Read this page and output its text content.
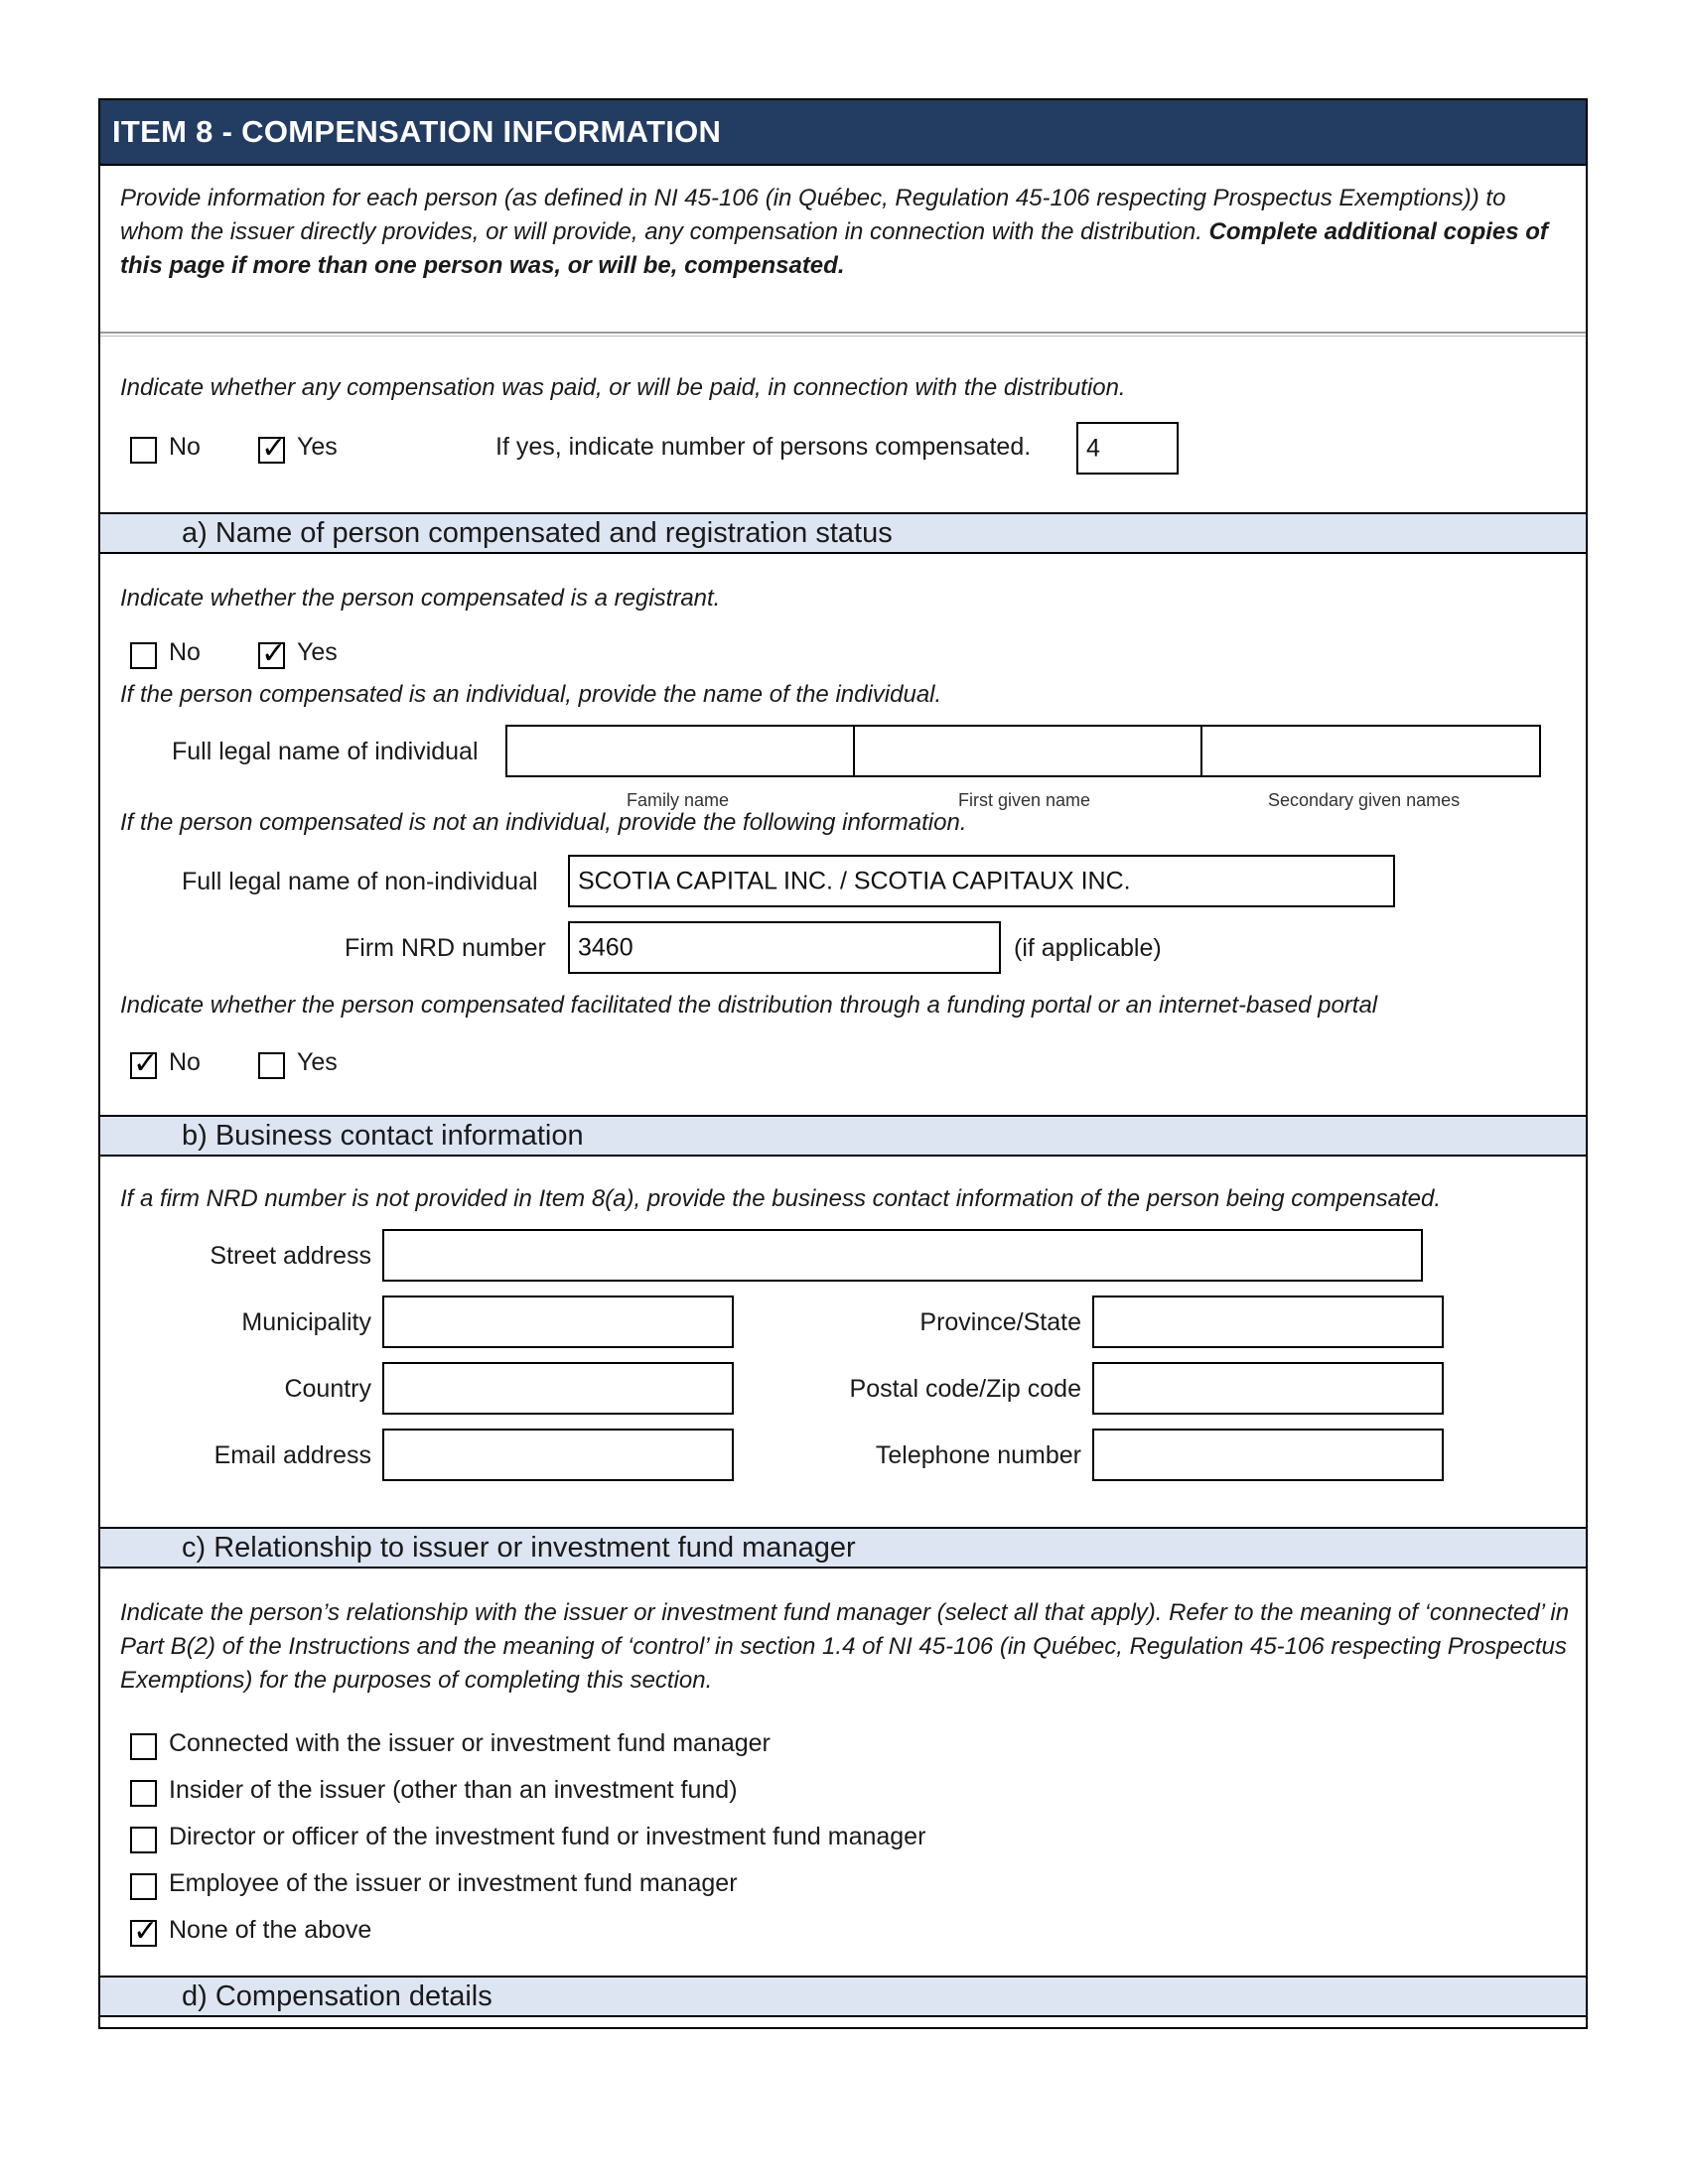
ITEM 8 - COMPENSATION INFORMATION
Provide information for each person (as defined in NI 45-106 (in Québec, Regulation 45-106 respecting Prospectus Exemptions)) to whom the issuer directly provides, or will provide, any compensation in connection with the distribution. Complete additional copies of this page if more than one person was, or will be, compensated.
Indicate whether any compensation was paid, or will be paid, in connection with the distribution.
No ✓ Yes	If yes, indicate number of persons compensated. 4
a) Name of person compensated and registration status
Indicate whether the person compensated is a registrant.
No ✓ Yes
If the person compensated is an individual, provide the name of the individual.
Full legal name of individual
Family name	First given name	Secondary given names
If the person compensated is not an individual, provide the following information.
Full legal name of non-individual SCOTIA CAPITAL INC. / SCOTIA CAPITAUX INC.
Firm NRD number 3460	(if applicable)
Indicate whether the person compensated facilitated the distribution through a funding portal or an internet-based portal
✓ No	Yes
b) Business contact information
If a firm NRD number is not provided in Item 8(a), provide the business contact information of the person being compensated.
Street address
Municipality	Province/State
Country	Postal code/Zip code
Email address	Telephone number
c) Relationship to issuer or investment fund manager
Indicate the person’s relationship with the issuer or investment fund manager (select all that apply). Refer to the meaning of ‘connected’ in Part B(2) of the Instructions and the meaning of ‘control’ in section 1.4 of NI 45-106 (in Québec, Regulation 45-106 respecting Prospectus Exemptions) for the purposes of completing this section.
Connected with the issuer or investment fund manager
Insider of the issuer (other than an investment fund)
Director or officer of the investment fund or investment fund manager
Employee of the issuer or investment fund manager
✓ None of the above
d) Compensation details
